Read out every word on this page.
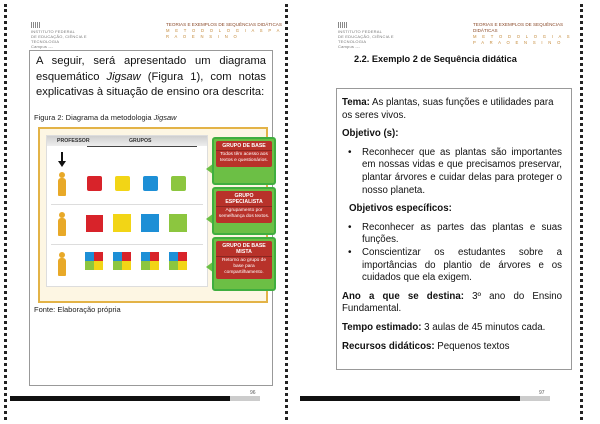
INSTITUTO FEDERAL
DE EDUCAÇÃO, CIÊNCIA E TECNOLOGIA
Campus ---
TEORIAS E EXEMPLOS DE SEQUÊNCIAS DIDÁTICAS
M E T O D O L O G I A S P A R A O E N S I N O

A seguir, será apresentado um diagrama esquemático Jigsaw (Figura 1), com notas explicativas à situação de ensino ora descrita:

Figura 2: Diagrama da metodologia Jigsaw
PROFESSOR	GRUPOS
GRUPO DE BASE
Todos têm acesso aos textos e questionários.
GRUPO ESPECIALISTA
Agrupamento por semelhança dos textos.
GRUPO DE BASE MISTA
Retorno ao grupo de base para compartilhamento.
Fonte: Elaboração própria
96
INSTITUTO FEDERAL
DE EDUCAÇÃO, CIÊNCIA E TECNOLOGIA
Campus ---
TEORIAS E EXEMPLOS DE SEQUÊNCIAS DIDÁTICAS
M E T O D O L O G I A S P A R A O E N S I N O
2.2. Exemplo 2 de Sequência didática

Tema: As plantas, suas funções e utilidades para os seres vivos.

Objetivo (s):

• Reconhecer que as plantas são importantes em nossas vidas e que precisamos preservar, plantar árvores e cuidar delas para proteger o nosso planeta.

Objetivos específicos:

• Reconhecer as partes das plantas e suas funções.
• Conscientizar os estudantes sobre a importâncias do plantio de árvores e os cuidados que ela exigem.

Ano a que se destina: 3º ano do Ensino Fundamental.

Tempo estimado: 3 aulas de 45 minutos cada.

Recursos didáticos: Pequenos textos

97
